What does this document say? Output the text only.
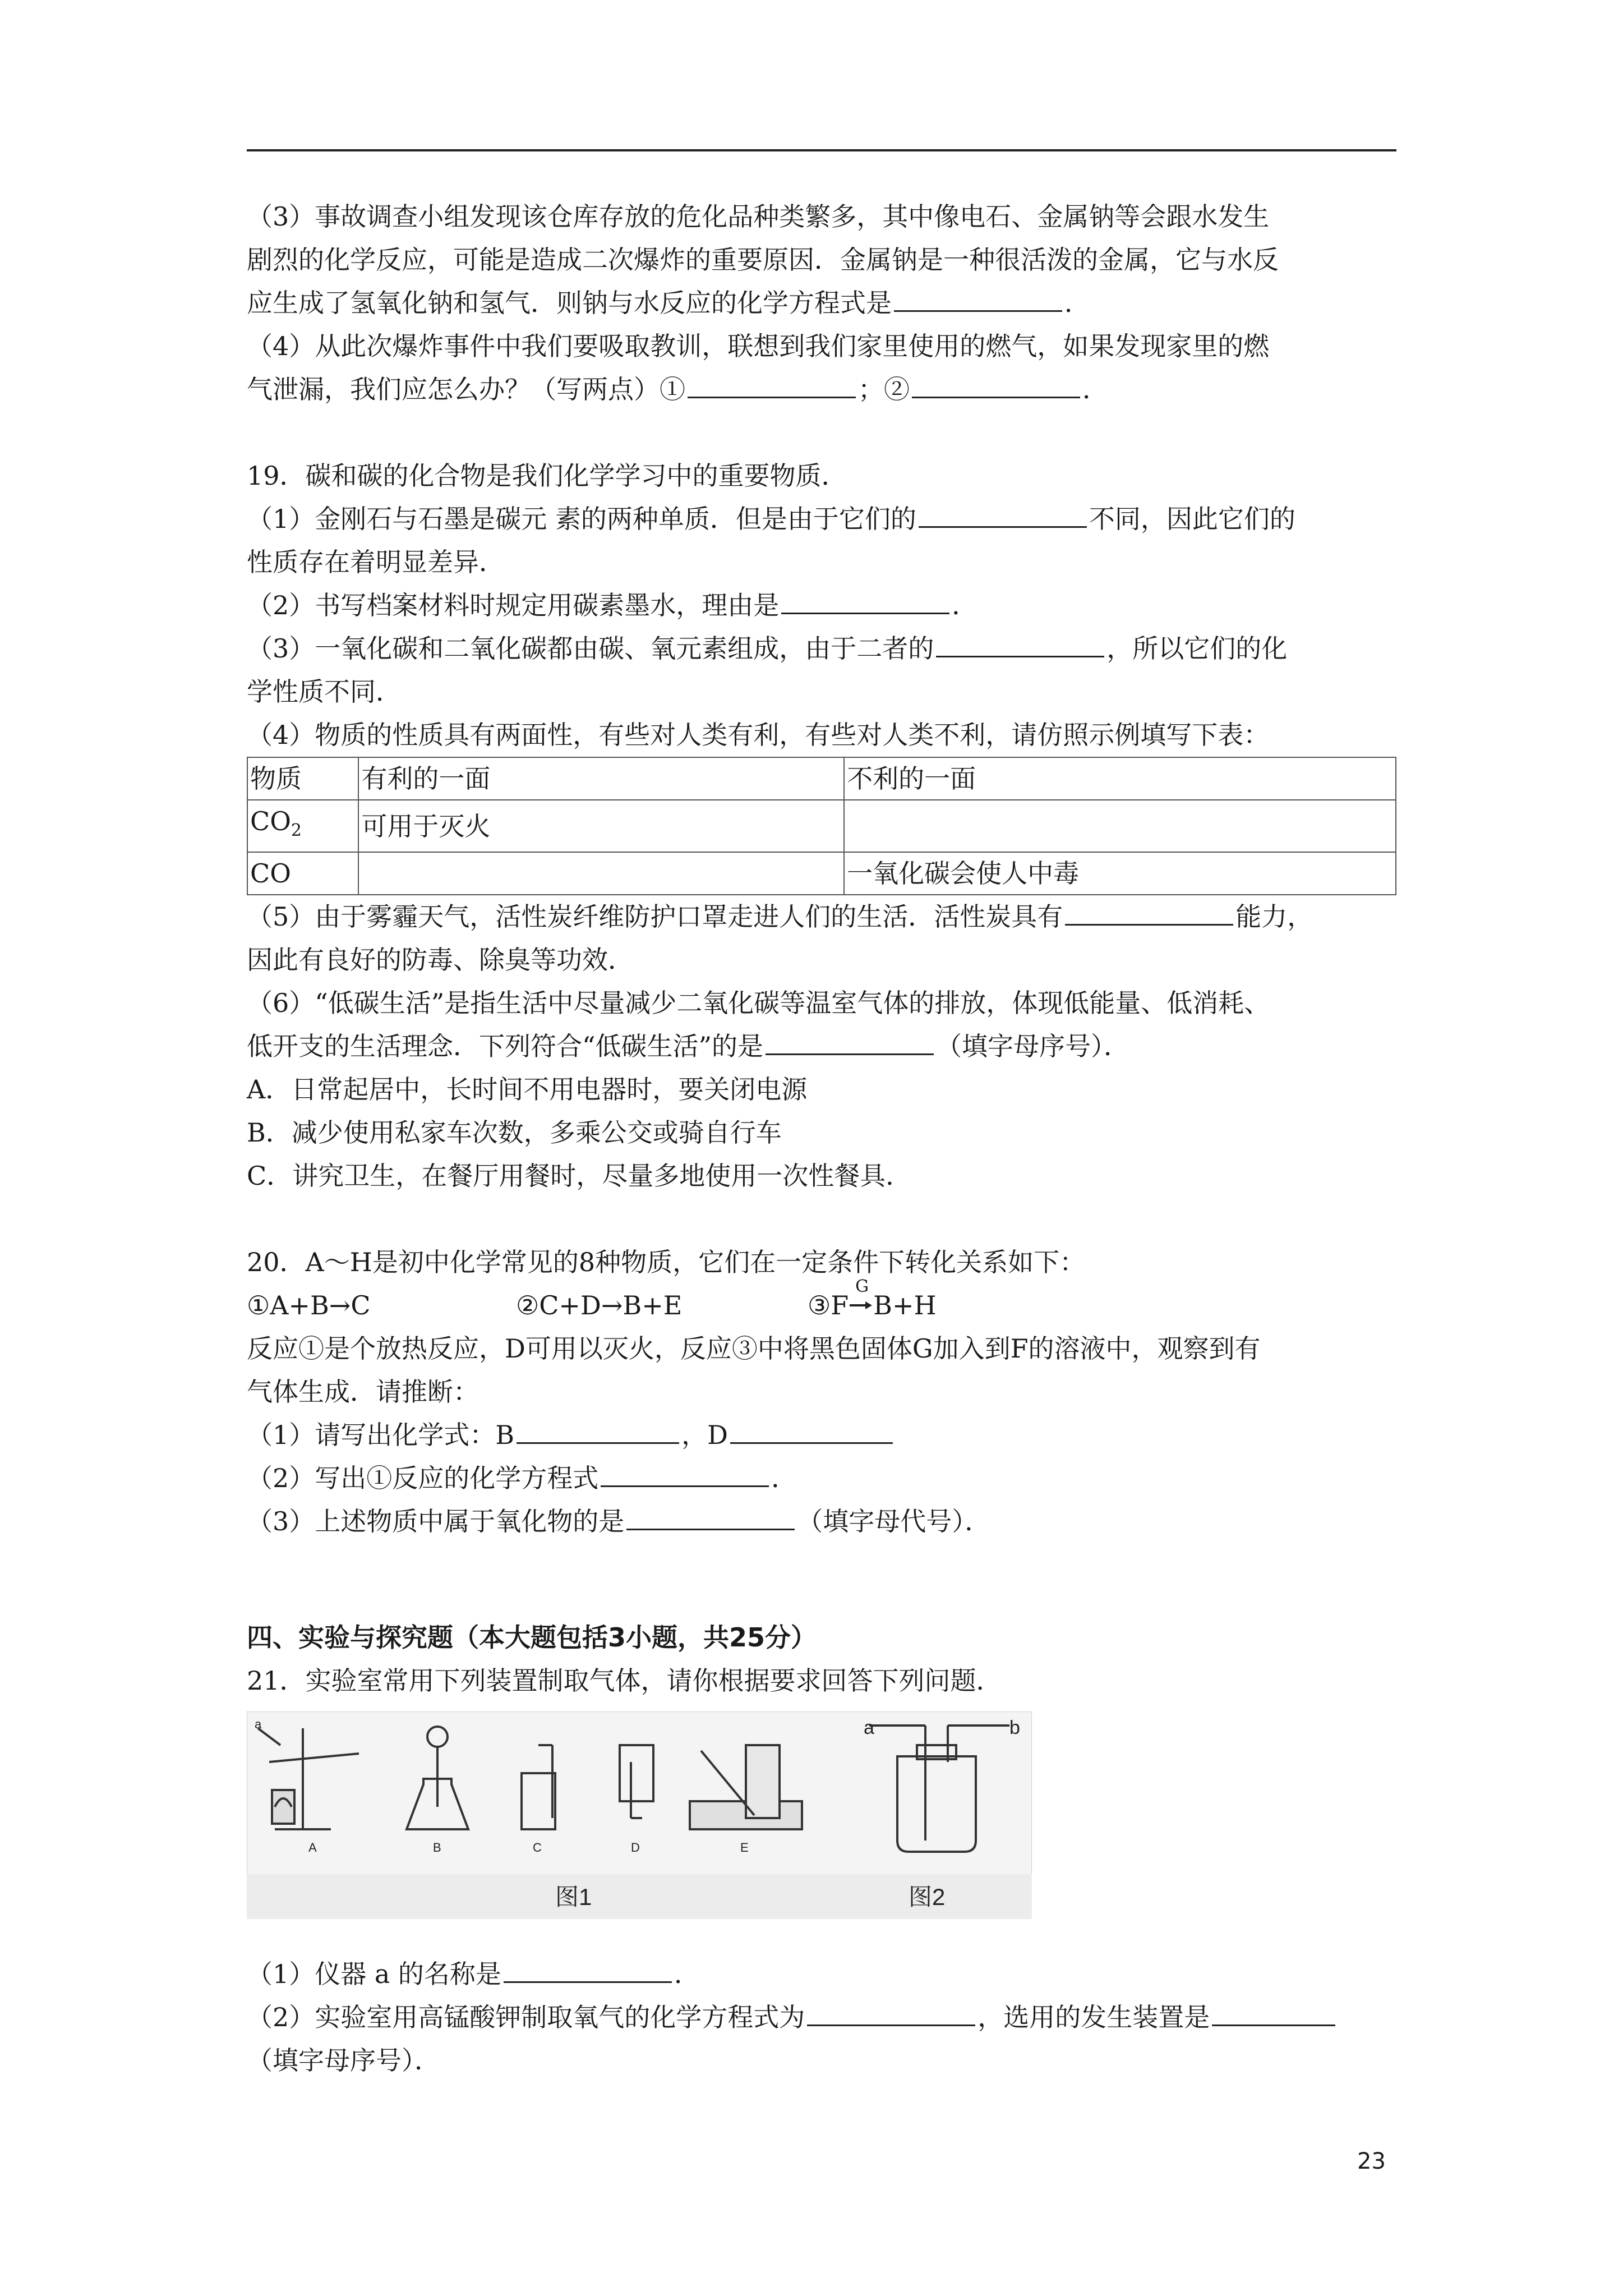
（3）事故调查小组发现该仓库存放的危化品种类繁多，其中像电石、金属钠等会跟水发生

剧烈的化学反应，可能是造成二次爆炸的重要原因．金属钠是一种很活泼的金属，它与水反

应生成了氢氧化钠和氢气．则钠与水反应的化学方程式是	．

（4）从此次爆炸事件中我们要吸取教训，联想到我们家里使用的燃气，如果发现家里的燃

气泄漏，我们应怎么办？（写两点）①	；②	．

19．碳和碳的化合物是我们化学学习中的重要物质．

（1）金刚石与石墨是碳元 素的两种单质．但是由于它们的	不同，因此它们的

性质存在着明显差异．

（2）书写档案材料时规定用碳素墨水，理由是	．

（3）一氧化碳和二氧化碳都由碳、氧元素组成，由于二者的	，所以它们的化

学性质不同．

（4）物质的性质具有两面性，有些对人类有利，有些对人类不利，请仿照示例填写下表：

物质	有利的一面	不利的一面
$CO_2$	可用于灭火	
CO		一氧化碳会使人中毒

（5）由于雾霾天气，活性炭纤维防护口罩走进人们的生活．活性炭具有	能力，

因此有良好的防毒、除臭等功效．

（6）“低碳生活”是指生活中尽量减少二氧化碳等温室气体的排放，体现低能量、低消耗、

低开支的生活理念．下列符合“低碳生活”的是	（填字母序号）．

A．日常起居中，长时间不用电器时，要关闭电源

B．减少使用私家车次数，多乘公交或骑自行车

C．讲究卫生，在餐厅用餐时，尽量多地使用一次性餐具．

20．A～H是初中化学常见的8种物质，它们在一定条件下转化关系如下：

①A+B→C	②C+D→B+E	③F
G
B+H

反应①是个放热反应，D可用以灭火，反应③中将黑色固体G加入到F的溶液中，观察到有

气体生成．请推断：

（1）请写出化学式：B	，D

（2）写出①反应的化学方程式	．

（3）上述物质中属于氧化物的是	（填字母代号）．

四、实验与探究题（本大题包括3小题，共25分）

21．实验室常用下列装置制取气体，请你根据要求回答下列问题．

a
A	B	C	D	E
a	b
图1	图2

（1）仪器 a 的名称是	．

（2）实验室用高锰酸钾制取氧气的化学方程式为	，选用的发生装置是

（填字母序号）．

23
